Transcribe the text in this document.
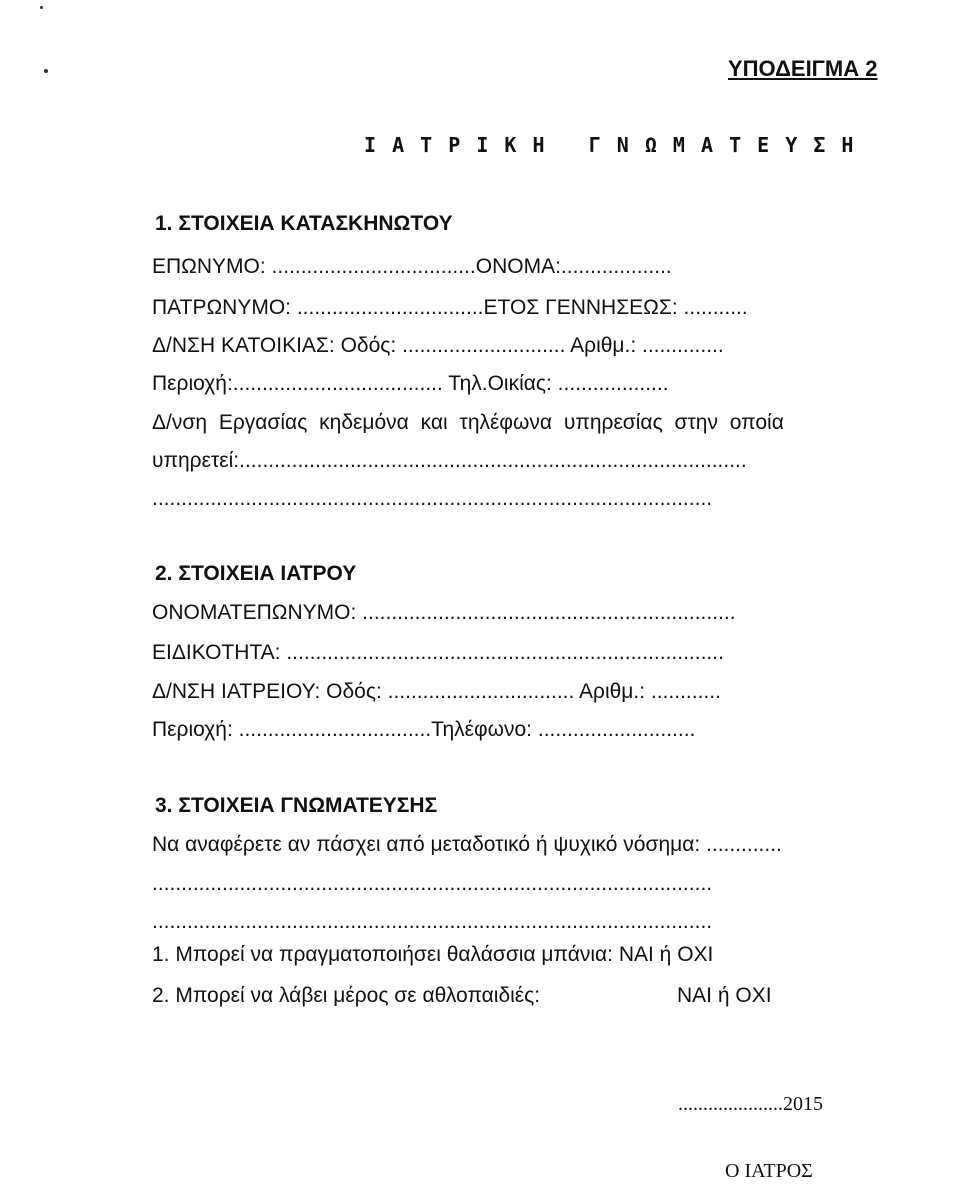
ΥΠΟΔΕΙΓΜΑ 2
Ι Α Τ Ρ Ι Κ Η   Γ Ν Ω Μ Α Τ Ε Υ Σ Η
1. ΣΤΟΙΧΕΙΑ ΚΑΤΑΣΚΗΝΩΤΟΥ
ΕΠΩΝΥΜΟ: ...................................ΟΝΟΜΑ:...................
ΠΑΤΡΩΝΥΜΟ: ................................ΕΤΟΣ ΓΕΝΝΗΣΕΩΣ: ...........
Δ/ΝΣΗ ΚΑΤΟΙΚΙΑΣ: Οδός: ............................ Αριθμ.: ..............
Περιοχή:.................................... Τηλ.Οικίας: ...................
Δ/νση Εργασίας κηδεμόνα και τηλέφωνα υπηρεσίας στην οποία
υπηρετεί:.......................................................................................
................................................................................................
2. ΣΤΟΙΧΕΙΑ ΙΑΤΡΟΥ
ΟΝΟΜΑΤΕΠΩΝΥΜΟ: ................................................................
ΕΙΔΙΚΟΤΗΤΑ: ...........................................................................
Δ/ΝΣΗ ΙΑΤΡΕΙΟΥ: Οδός: ................................ Αριθμ.: ............
Περιοχή: .................................Τηλέφωνο: ...........................
3. ΣΤΟΙΧΕΙΑ ΓΝΩΜΑΤΕΥΣΗΣ
Να αναφέρετε αν πάσχει από μεταδοτικό ή ψυχικό νόσημα: .............
................................................................................................
................................................................................................
1. Μπορεί να πραγματοποιήσει θαλάσσια μπάνια: ΝΑΙ ή ΟΧΙ
2. Μπορεί να λάβει μέρος σε αθλοπαιδιές:	ΝΑΙ ή ΟΧΙ
.....................2015
Ο ΙΑΤΡΟΣ
